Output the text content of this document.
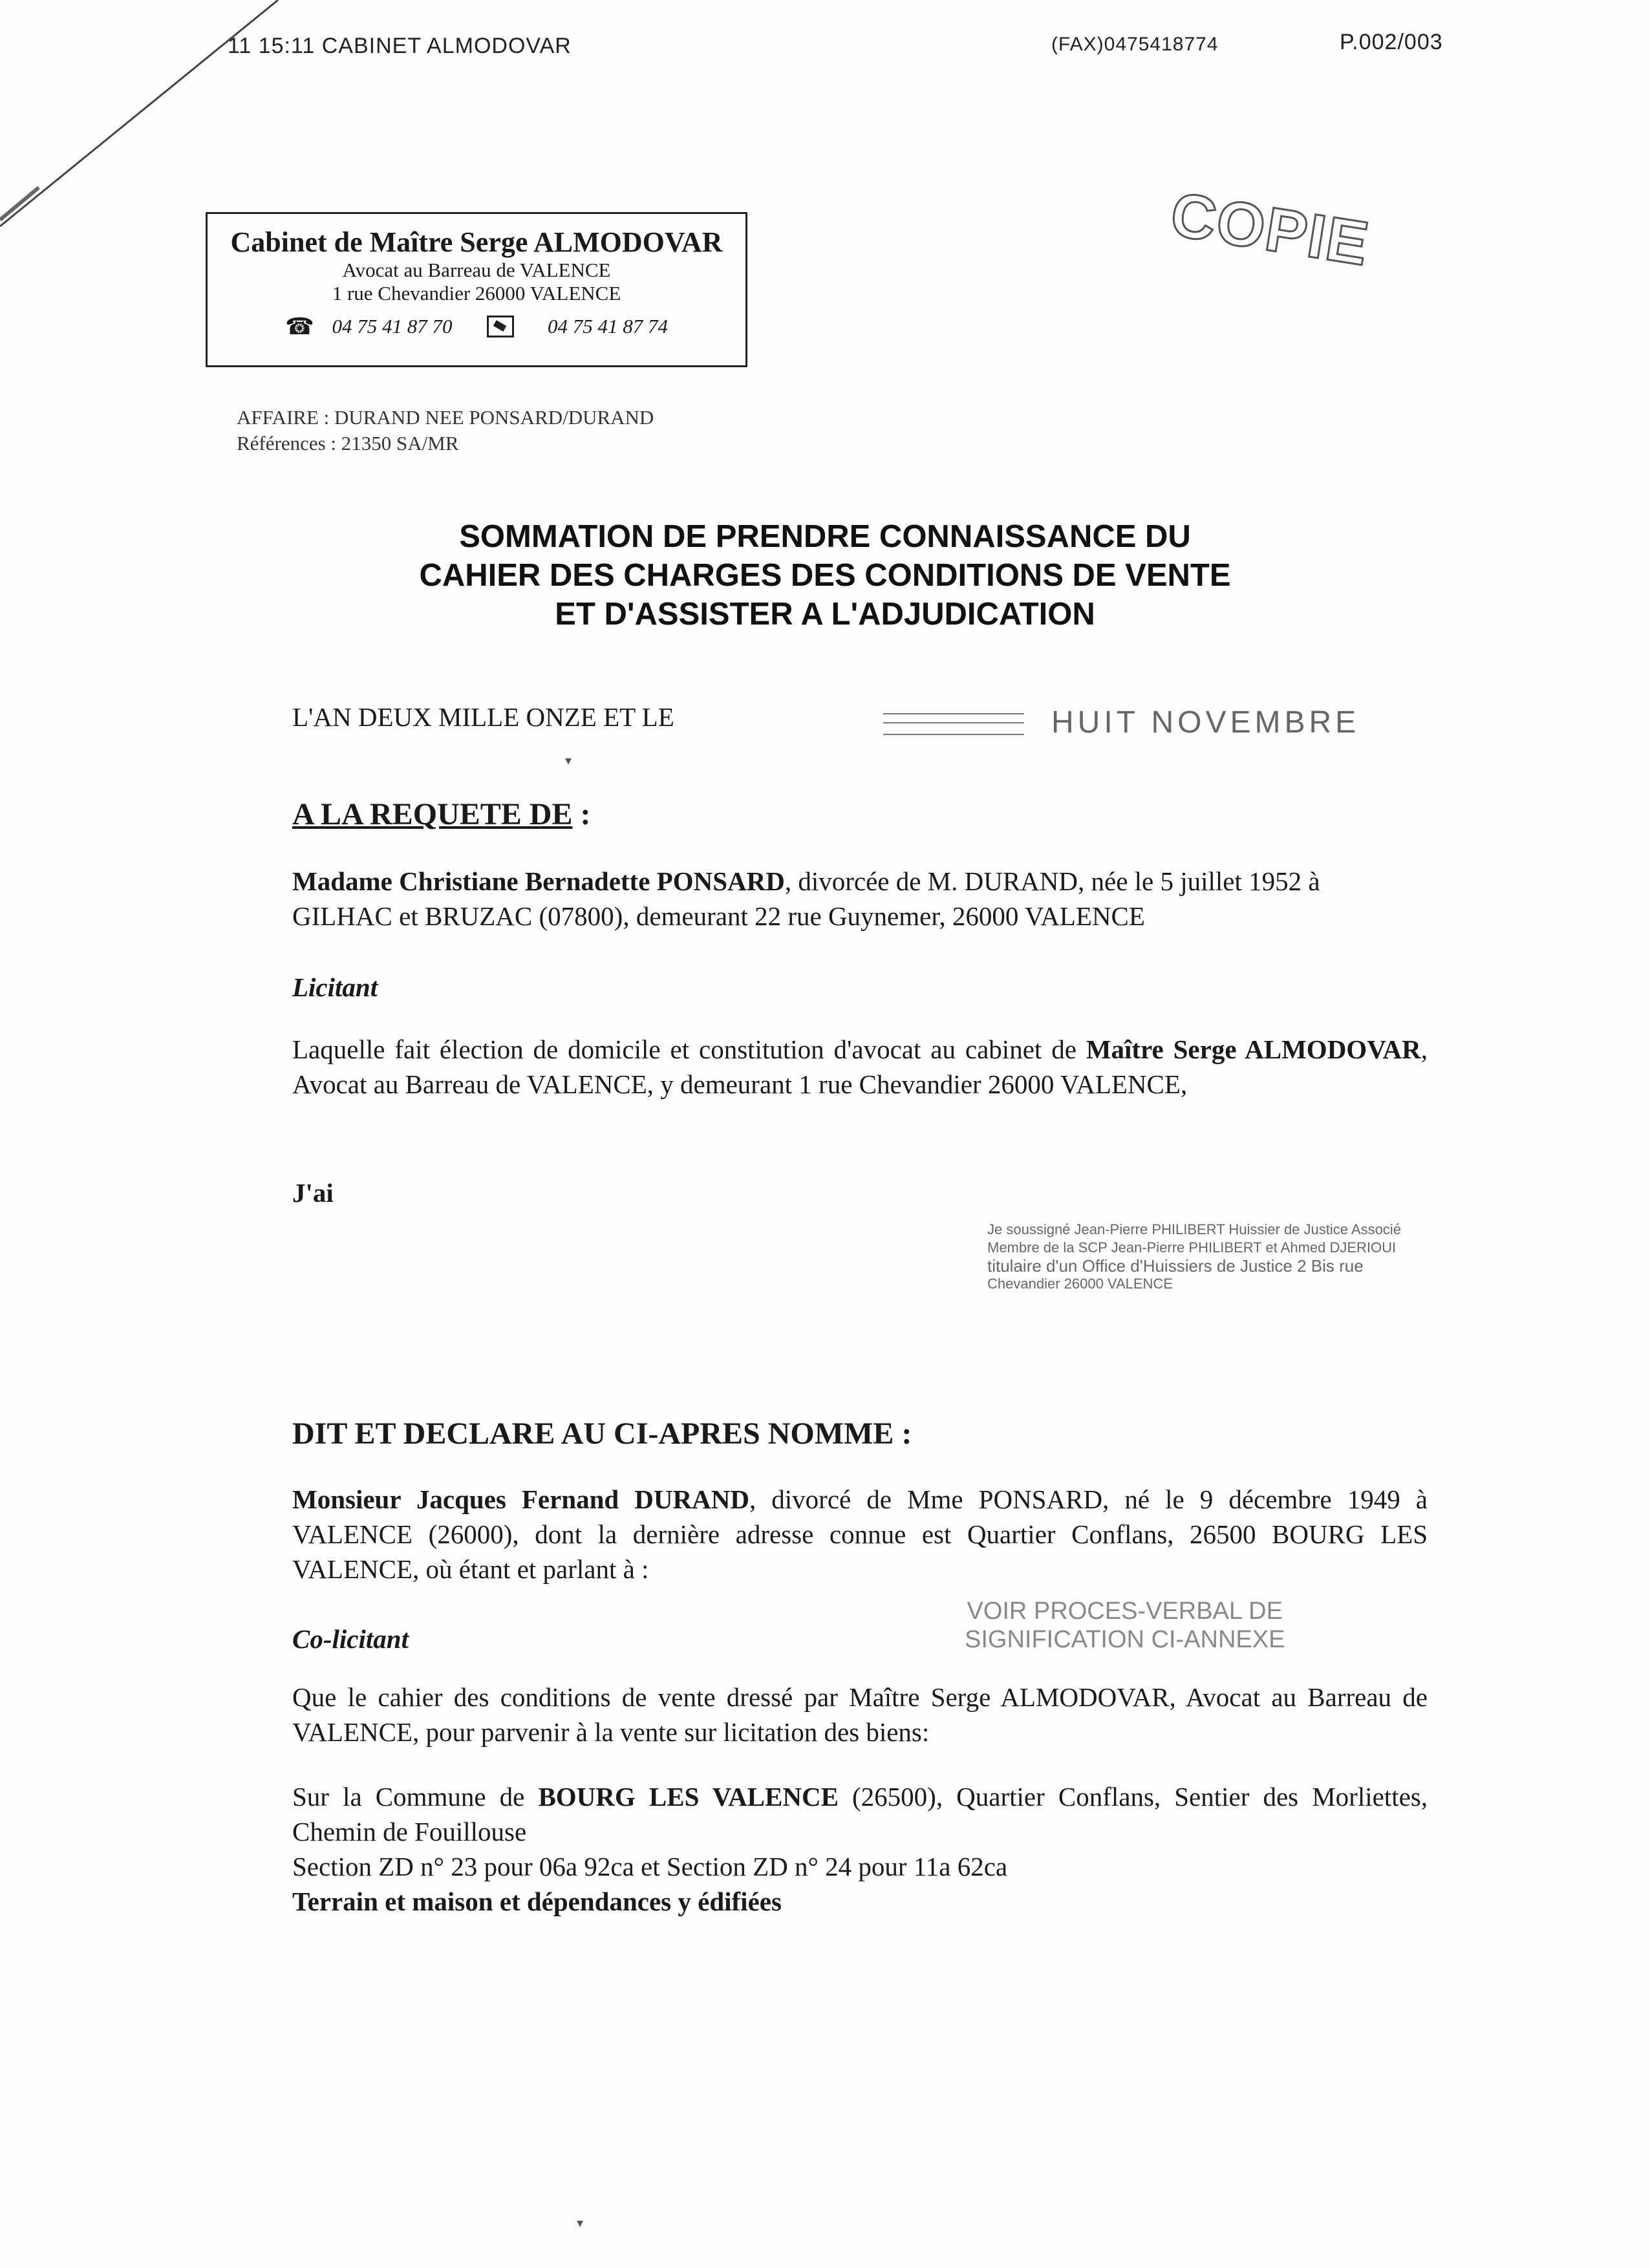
11 15:11 CABINET ALMODOVAR	(FAX)0475418774	P.002/003
Cabinet de Maître Serge ALMODOVAR
Avocat au Barreau de VALENCE
1 rue Chevandier 26000 VALENCE
☎ 04 75 41 87 70	04 75 41 87 74
COPIE
AFFAIRE : DURAND NEE PONSARD/DURAND
Références : 21350 SA/MR
SOMMATION DE PRENDRE CONNAISSANCE DU
CAHIER DES CHARGES DES CONDITIONS DE VENTE
ET D'ASSISTER A L'ADJUDICATION
L'AN DEUX MILLE ONZE ET LE	HUIT NOVEMBRE
▾
A LA REQUETE DE :
Madame Christiane Bernadette PONSARD, divorcée de M. DURAND, née le 5 juillet 1952 à
GILHAC et BRUZAC (07800), demeurant 22 rue Guynemer, 26000 VALENCE
Licitant
Laquelle fait élection de domicile et constitution d'avocat au cabinet de Maître Serge ALMODOVAR, Avocat au Barreau de VALENCE, y demeurant 1 rue Chevandier 26000 VALENCE,
J'ai
Je soussigné Jean-Pierre PHILIBERT Huissier de Justice Associé
Membre de la SCP Jean-Pierre PHILIBERT et Ahmed DJERIOUI
titulaire d'un Office d'Huissiers de Justice 2 Bis rue
Chevandier 26000 VALENCE
DIT ET DECLARE AU CI-APRES NOMME :
Monsieur Jacques Fernand DURAND, divorcé de Mme PONSARD, né le 9 décembre 1949 à VALENCE (26000), dont la dernière adresse connue est Quartier Conflans, 26500 BOURG LES VALENCE, où étant et parlant à :
VOIR PROCES-VERBAL DE
SIGNIFICATION CI-ANNEXE
Co-licitant
Que le cahier des conditions de vente dressé par Maître Serge ALMODOVAR, Avocat au Barreau de VALENCE, pour parvenir à la vente sur licitation des biens:
Sur la Commune de BOURG LES VALENCE (26500), Quartier Conflans, Sentier des Morliettes, Chemin de Fouillouse
Section ZD n° 23 pour 06a 92ca et Section ZD n° 24 pour 11a 62ca
Terrain et maison et dépendances y édifiées
▾
